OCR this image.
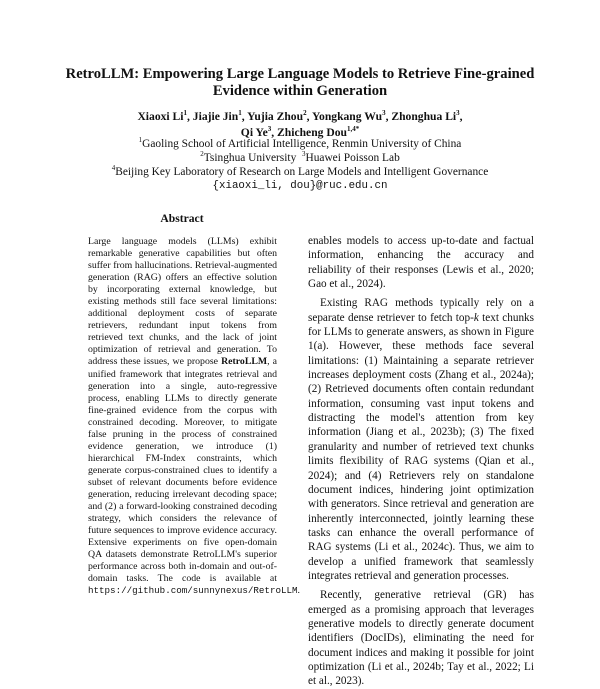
RetroLLM: Empowering Large Language Models to Retrieve Fine-grained
Evidence within Generation
Xiaoxi Li$^1$, Jiajie Jin$^1$, Yujia Zhou$^2$, Yongkang Wu$^3$, Zhonghua Li$^3$,
Qi Ye$^3$, Zhicheng Dou$^{1,4*}$
$^1$Gaoling School of Artificial Intelligence, Renmin University of China
$^2$Tsinghua University $^3$Huawei Poisson Lab
$^4$Beijing Key Laboratory of Research on Large Models and Intelligent Governance
{xiaoxi_li, dou}@ruc.edu.cn
Abstract
Large language models (LLMs) exhibit remarkable generative capabilities but often suffer from hallucinations. Retrieval-augmented generation (RAG) offers an effective solution by incorporating external knowledge, but existing methods still face several limitations: additional deployment costs of separate retrievers, redundant input tokens from retrieved text chunks, and the lack of joint optimization of retrieval and generation. To address these issues, we propose RetroLLM, a unified framework that integrates retrieval and generation into a single, auto-regressive process, enabling LLMs to directly generate fine-grained evidence from the corpus with constrained decoding. Moreover, to mitigate false pruning in the process of constrained evidence generation, we introduce (1) hierarchical FM-Index constraints, which generate corpus-constrained clues to identify a subset of relevant documents before evidence generation, reducing irrelevant decoding space; and (2) a forward-looking constrained decoding strategy, which considers the relevance of future sequences to improve evidence accuracy. Extensive experiments on five open-domain QA datasets demonstrate RetroLLM's superior performance across both in-domain and out-of-domain tasks. The code is available at https://github.com/sunnynexus/RetroLLM.

enables models to access up-to-date and factual information, enhancing the accuracy and reliability of their responses (Lewis et al., 2020; Gao et al., 2024).

Existing RAG methods typically rely on a separate dense retriever to fetch top-k text chunks for LLMs to generate answers, as shown in Figure 1(a). However, these methods face several limitations: (1) Maintaining a separate retriever increases deployment costs (Zhang et al., 2024a); (2) Retrieved documents often contain redundant information, consuming vast input tokens and distracting the model's attention from key information (Jiang et al., 2023b); (3) The fixed granularity and number of retrieved text chunks limits flexibility of RAG systems (Qian et al., 2024); and (4) Retrievers rely on standalone document indices, hindering joint optimization with generators. Since retrieval and generation are inherently interconnected, jointly learning these tasks can enhance the overall performance of RAG systems (Li et al., 2024c). Thus, we aim to develop a unified framework that seamlessly integrates retrieval and generation processes.

Recently, generative retrieval (GR) has emerged as a promising approach that leverages generative models to directly generate document identifiers (DocIDs), eliminating the need for document indices and making it possible for joint optimization (Li et al., 2024b; Tay et al., 2022; Li et al., 2023).
